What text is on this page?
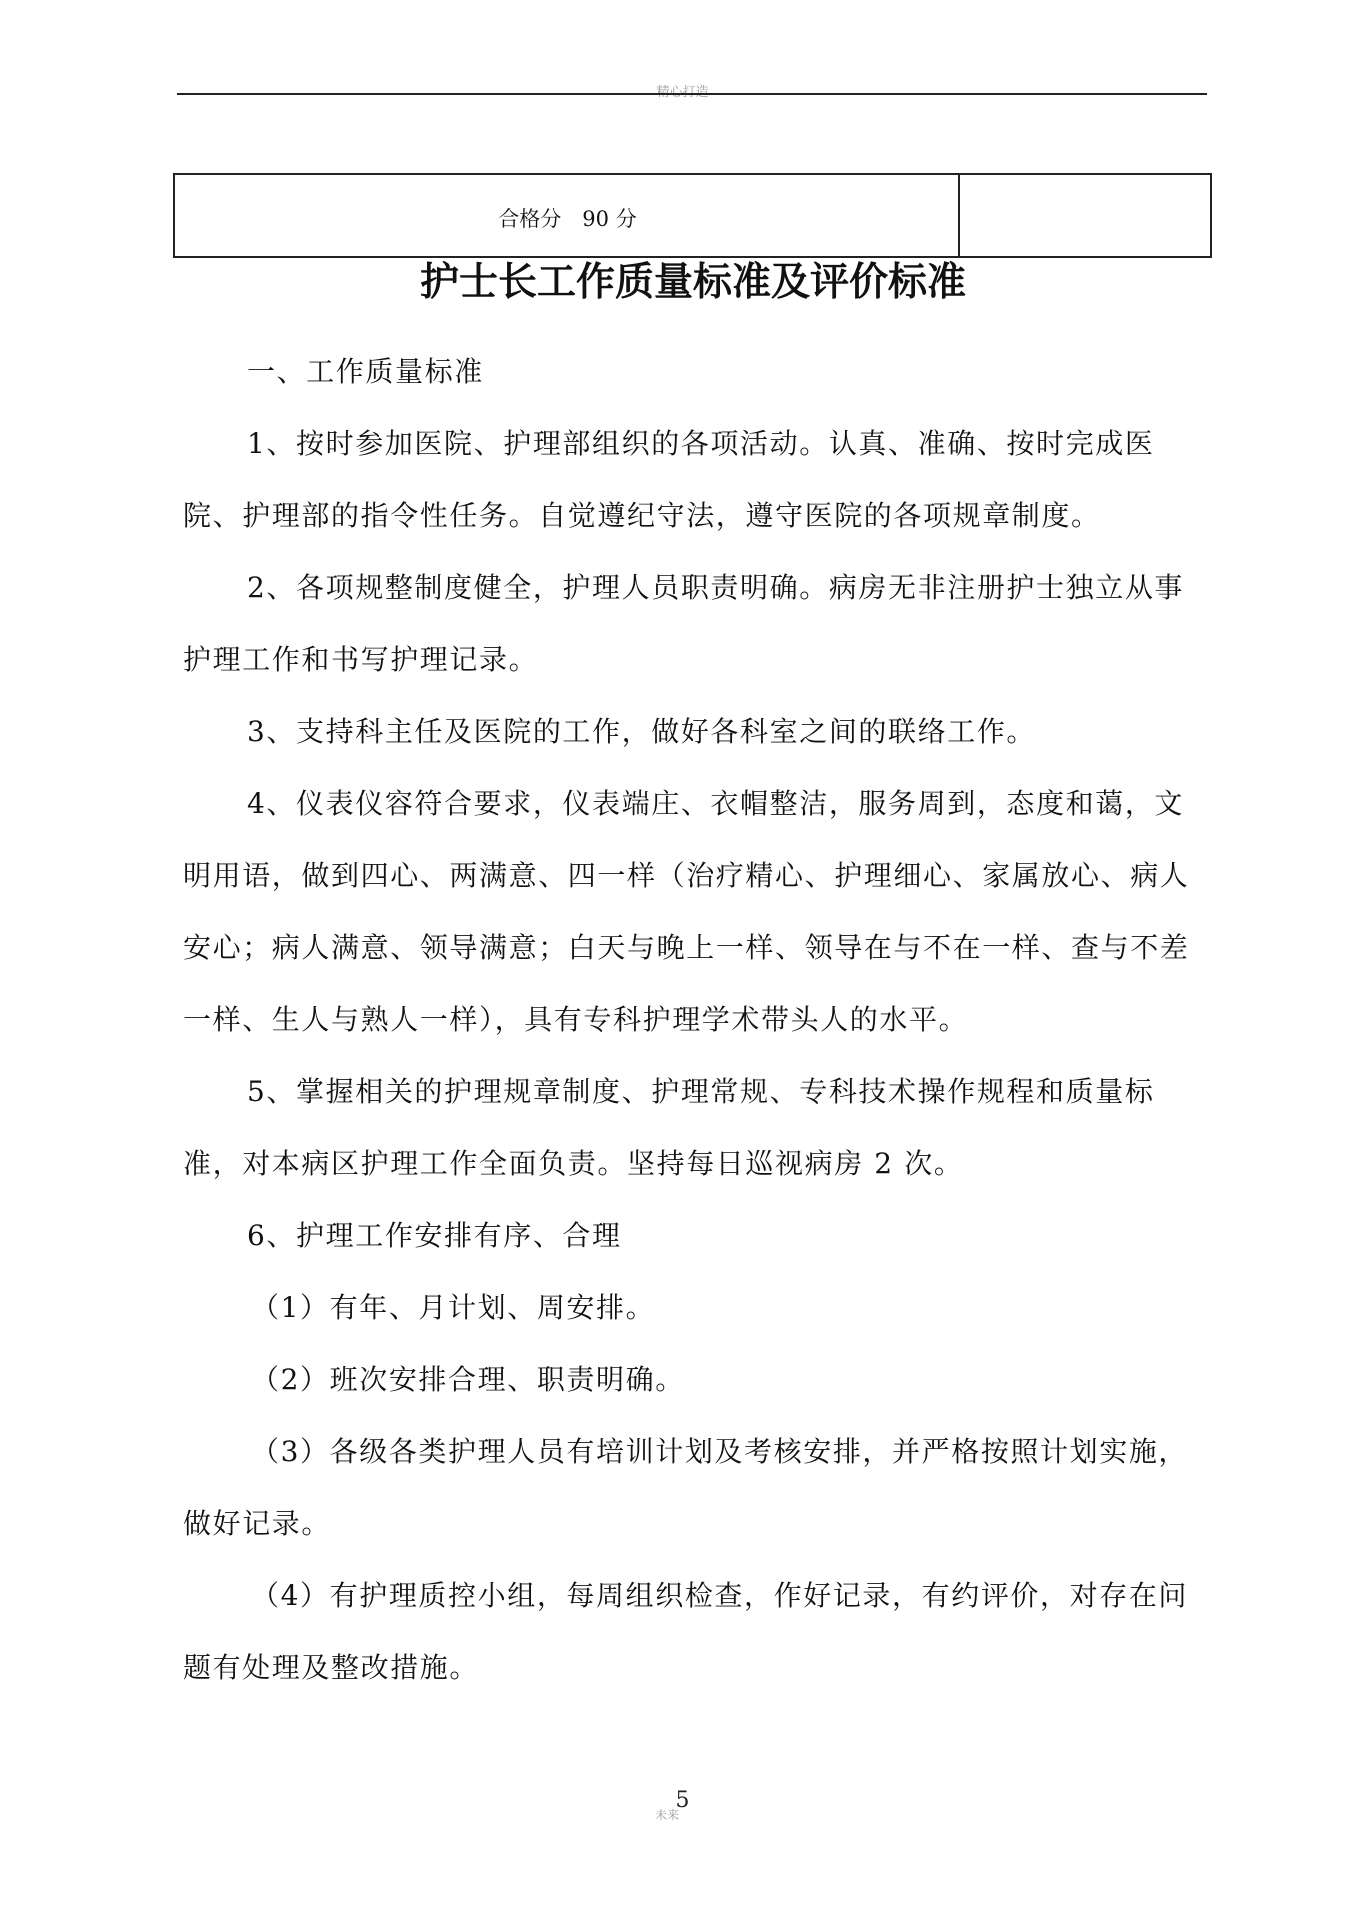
精心打造
合格分　90 分
护士长工作质量标准及评价标准

一、工作质量标准

1、按时参加医院、护理部组织的各项活动。认真、准确、按时完成医院、护理部的指令性任务。自觉遵纪守法，遵守医院的各项规章制度。

2、各项规整制度健全，护理人员职责明确。病房无非注册护士独立从事护理工作和书写护理记录。

3、支持科主任及医院的工作，做好各科室之间的联络工作。

4、仪表仪容符合要求，仪表端庄、衣帽整洁，服务周到，态度和蔼，文明用语，做到四心、两满意、四一样（治疗精心、护理细心、家属放心、病人安心；病人满意、领导满意；白天与晚上一样、领导在与不在一样、查与不差一样、生人与熟人一样），具有专科护理学术带头人的水平。

5、掌握相关的护理规章制度、护理常规、专科技术操作规程和质量标准，对本病区护理工作全面负责。坚持每日巡视病房 2 次。

6、护理工作安排有序、合理

（1）有年、月计划、周安排。

（2）班次安排合理、职责明确。

（3）各级各类护理人员有培训计划及考核安排，并严格按照计划实施，做好记录。

（4）有护理质控小组，每周组织检查，作好记录，有约评价，对存在问题有处理及整改措施。

5
未来
